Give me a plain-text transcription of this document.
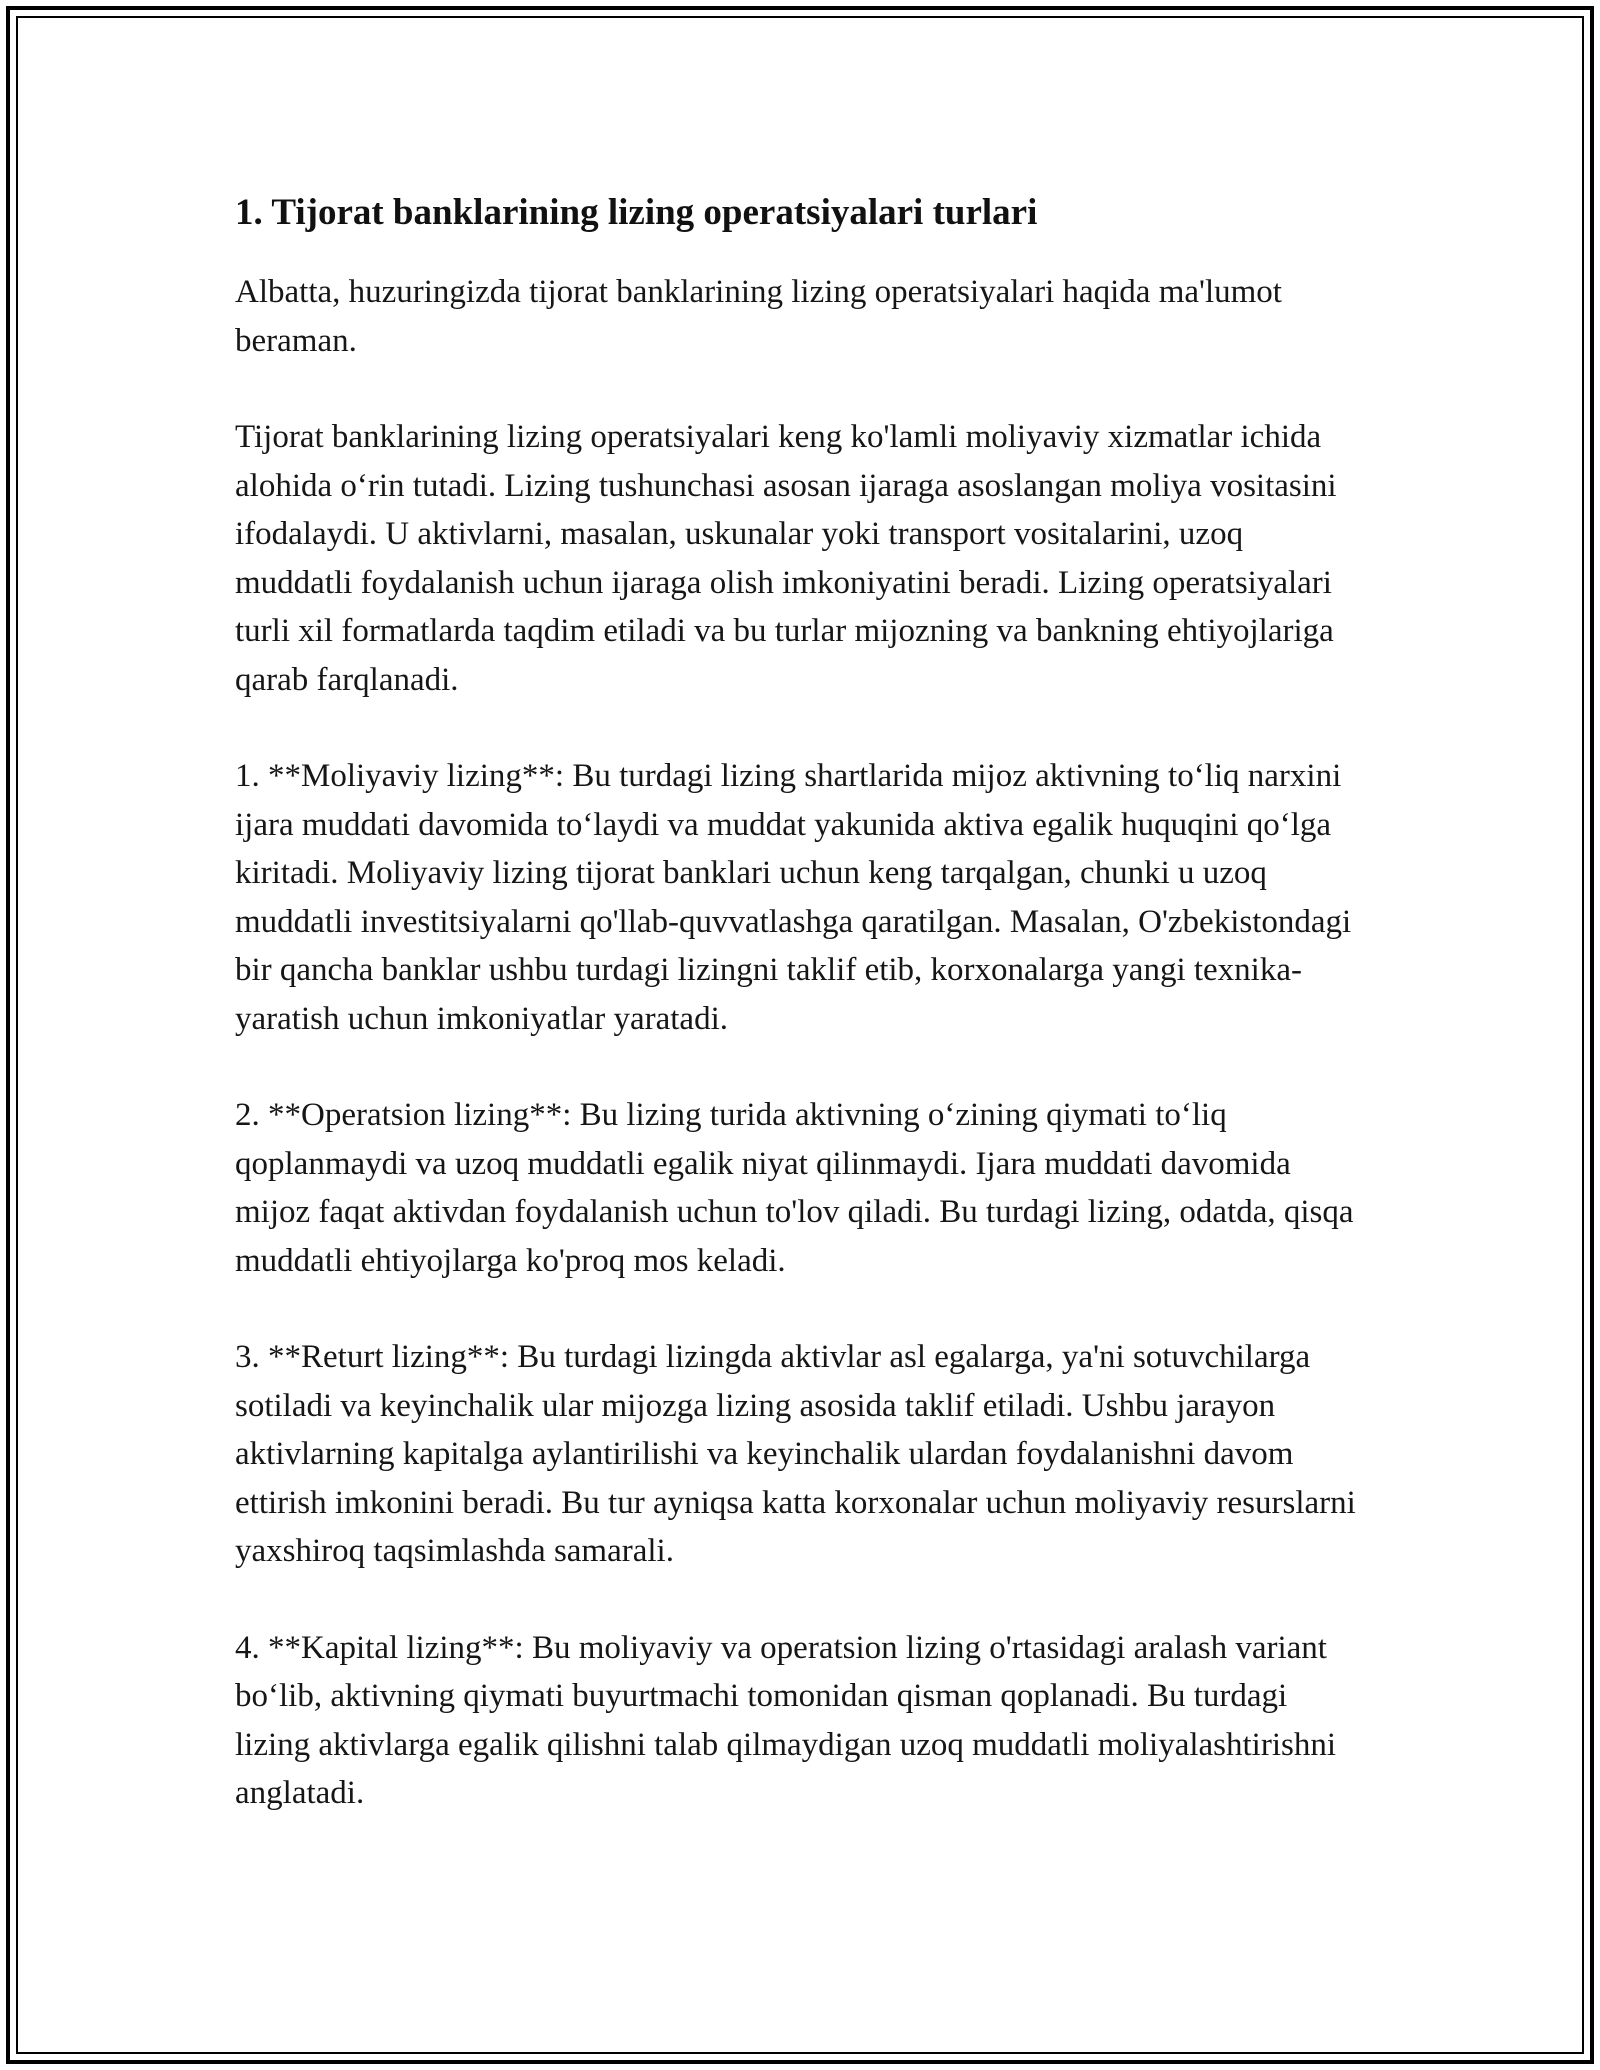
1. Tijorat banklarining lizing operatsiyalari turlari

Albatta, huzuringizda tijorat banklarining lizing operatsiyalari haqida ma'lumot beraman.

Tijorat banklarining lizing operatsiyalari keng ko'lamli moliyaviy xizmatlar ichida alohida o‘rin tutadi. Lizing tushunchasi asosan ijaraga asoslangan moliya vositasini ifodalaydi. U aktivlarni, masalan, uskunalar yoki transport vositalarini, uzoq muddatli foydalanish uchun ijaraga olish imkoniyatini beradi. Lizing operatsiyalari turli xil formatlarda taqdim etiladi va bu turlar mijozning va bankning ehtiyojlariga qarab farqlanadi.

1. **Moliyaviy lizing**: Bu turdagi lizing shartlarida mijoz aktivning to‘liq narxini ijara muddati davomida to‘laydi va muddat yakunida aktiva egalik huquqini qo‘lga kiritadi. Moliyaviy lizing tijorat banklari uchun keng tarqalgan, chunki u uzoq muddatli investitsiyalarni qo'llab-quvvatlashga qaratilgan. Masalan, O'zbekistondagi bir qancha banklar ushbu turdagi lizingni taklif etib, korxonalarga yangi texnika-yaratish uchun imkoniyatlar yaratadi.

2. **Operatsion lizing**: Bu lizing turida aktivning o‘zining qiymati to‘liq qoplanmaydi va uzoq muddatli egalik niyat qilinmaydi. Ijara muddati davomida mijoz faqat aktivdan foydalanish uchun to'lov qiladi. Bu turdagi lizing, odatda, qisqa muddatli ehtiyojlarga ko'proq mos keladi.

3. **Returt lizing**: Bu turdagi lizingda aktivlar asl egalarga, ya'ni sotuvchilarga sotiladi va keyinchalik ular mijozga lizing asosida taklif etiladi. Ushbu jarayon aktivlarning kapitalga aylantirilishi va keyinchalik ulardan foydalanishni davom ettirish imkonini beradi. Bu tur ayniqsa katta korxonalar uchun moliyaviy resurslarni yaxshiroq taqsimlashda samarali.

4. **Kapital lizing**: Bu moliyaviy va operatsion lizing o'rtasidagi aralash variant bo‘lib, aktivning qiymati buyurtmachi tomonidan qisman qoplanadi. Bu turdagi lizing aktivlarga egalik qilishni talab qilmaydigan uzoq muddatli moliyalashtirishni anglatadi.
